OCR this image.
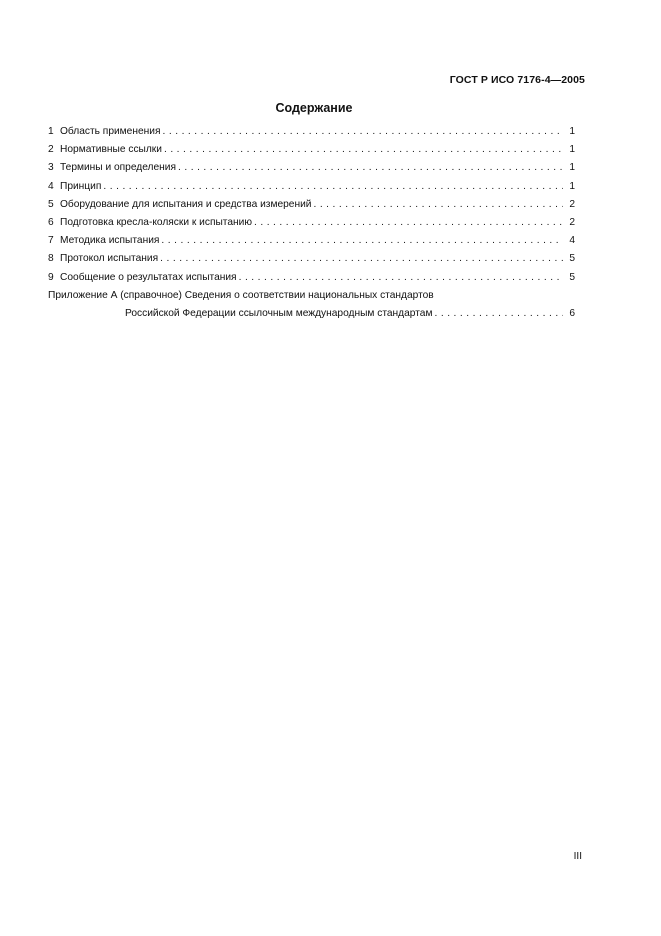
ГОСТ Р ИСО 7176-4—2005
Содержание
1 Область применения . . .	1
2 Нормативные ссылки . . .	1
3 Термины и определения . . .	1
4 Принцип . . .	1
5 Оборудование для испытания и средства измерений . . .	2
6 Подготовка кресла-коляски к испытанию . . .	2
7 Методика испытания . . .	4
8 Протокол испытания . . .	5
9 Сообщение о результатах испытания . . .	5
Приложение А (справочное) Сведения о соответствии национальных стандартов
Российской Федерации ссылочным международным стандартам . . .	6
III
